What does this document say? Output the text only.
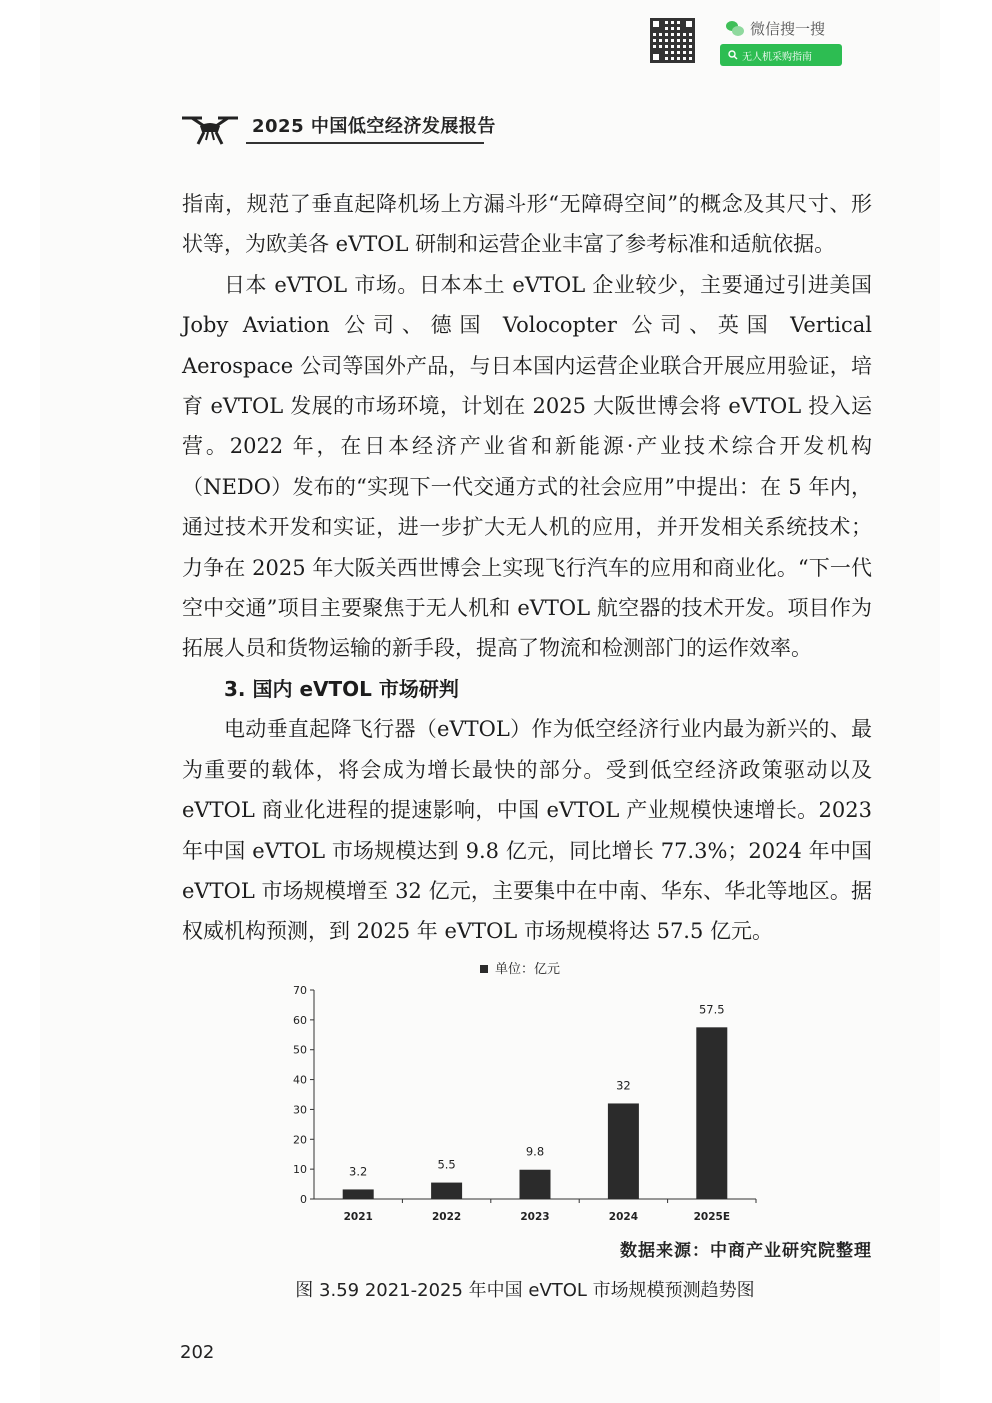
微信搜一搜
无人机采购指南
2025 中国低空经济发展报告

指南，规范了垂直起降机场上方漏斗形“无障碍空间”的概念及其尺寸、形状等，为欧美各 eVTOL 研制和运营企业丰富了参考标准和适航依据。

日本 eVTOL 市场。日本本土 eVTOL 企业较少，主要通过引进美国 Joby Aviation 公司、德国 Volocopter 公司、英国 Vertical Aerospace 公司等国外产品，与日本国内运营企业联合开展应用验证，培育 eVTOL 发展的市场环境，计划在 2025 大阪世博会将 eVTOL 投入运营。2022 年，在日本经济产业省和新能源·产业技术综合开发机构（NEDO）发布的“实现下一代交通方式的社会应用”中提出：在 5 年内，通过技术开发和实证，进一步扩大无人机的应用，并开发相关系统技术；力争在 2025 年大阪关西世博会上实现飞行汽车的应用和商业化。“下一代空中交通”项目主要聚焦于无人机和 eVTOL 航空器的技术开发。项目作为拓展人员和货物运输的新手段，提高了物流和检测部门的运作效率。

3. 国内 eVTOL 市场研判

电动垂直起降飞行器（eVTOL）作为低空经济行业内最为新兴的、最为重要的载体，将会成为增长最快的部分。受到低空经济政策驱动以及 eVTOL 商业化进程的提速影响，中国 eVTOL 产业规模快速增长。2023 年中国 eVTOL 市场规模达到 9.8 亿元，同比增长 77.3%；2024 年中国 eVTOL 市场规模增至 32 亿元，主要集中在中南、华东、华北等地区。据权威机构预测，到 2025 年 eVTOL 市场规模将达 57.5 亿元。

单位：亿元
0
10
20
30
40
50
60
70
3.2
2021
5.5
2022
9.8
2023
32
2024
57.5
2025E
数据来源：中商产业研究院整理
图 3.59 2021-2025 年中国 eVTOL 市场规模预测趋势图
202
